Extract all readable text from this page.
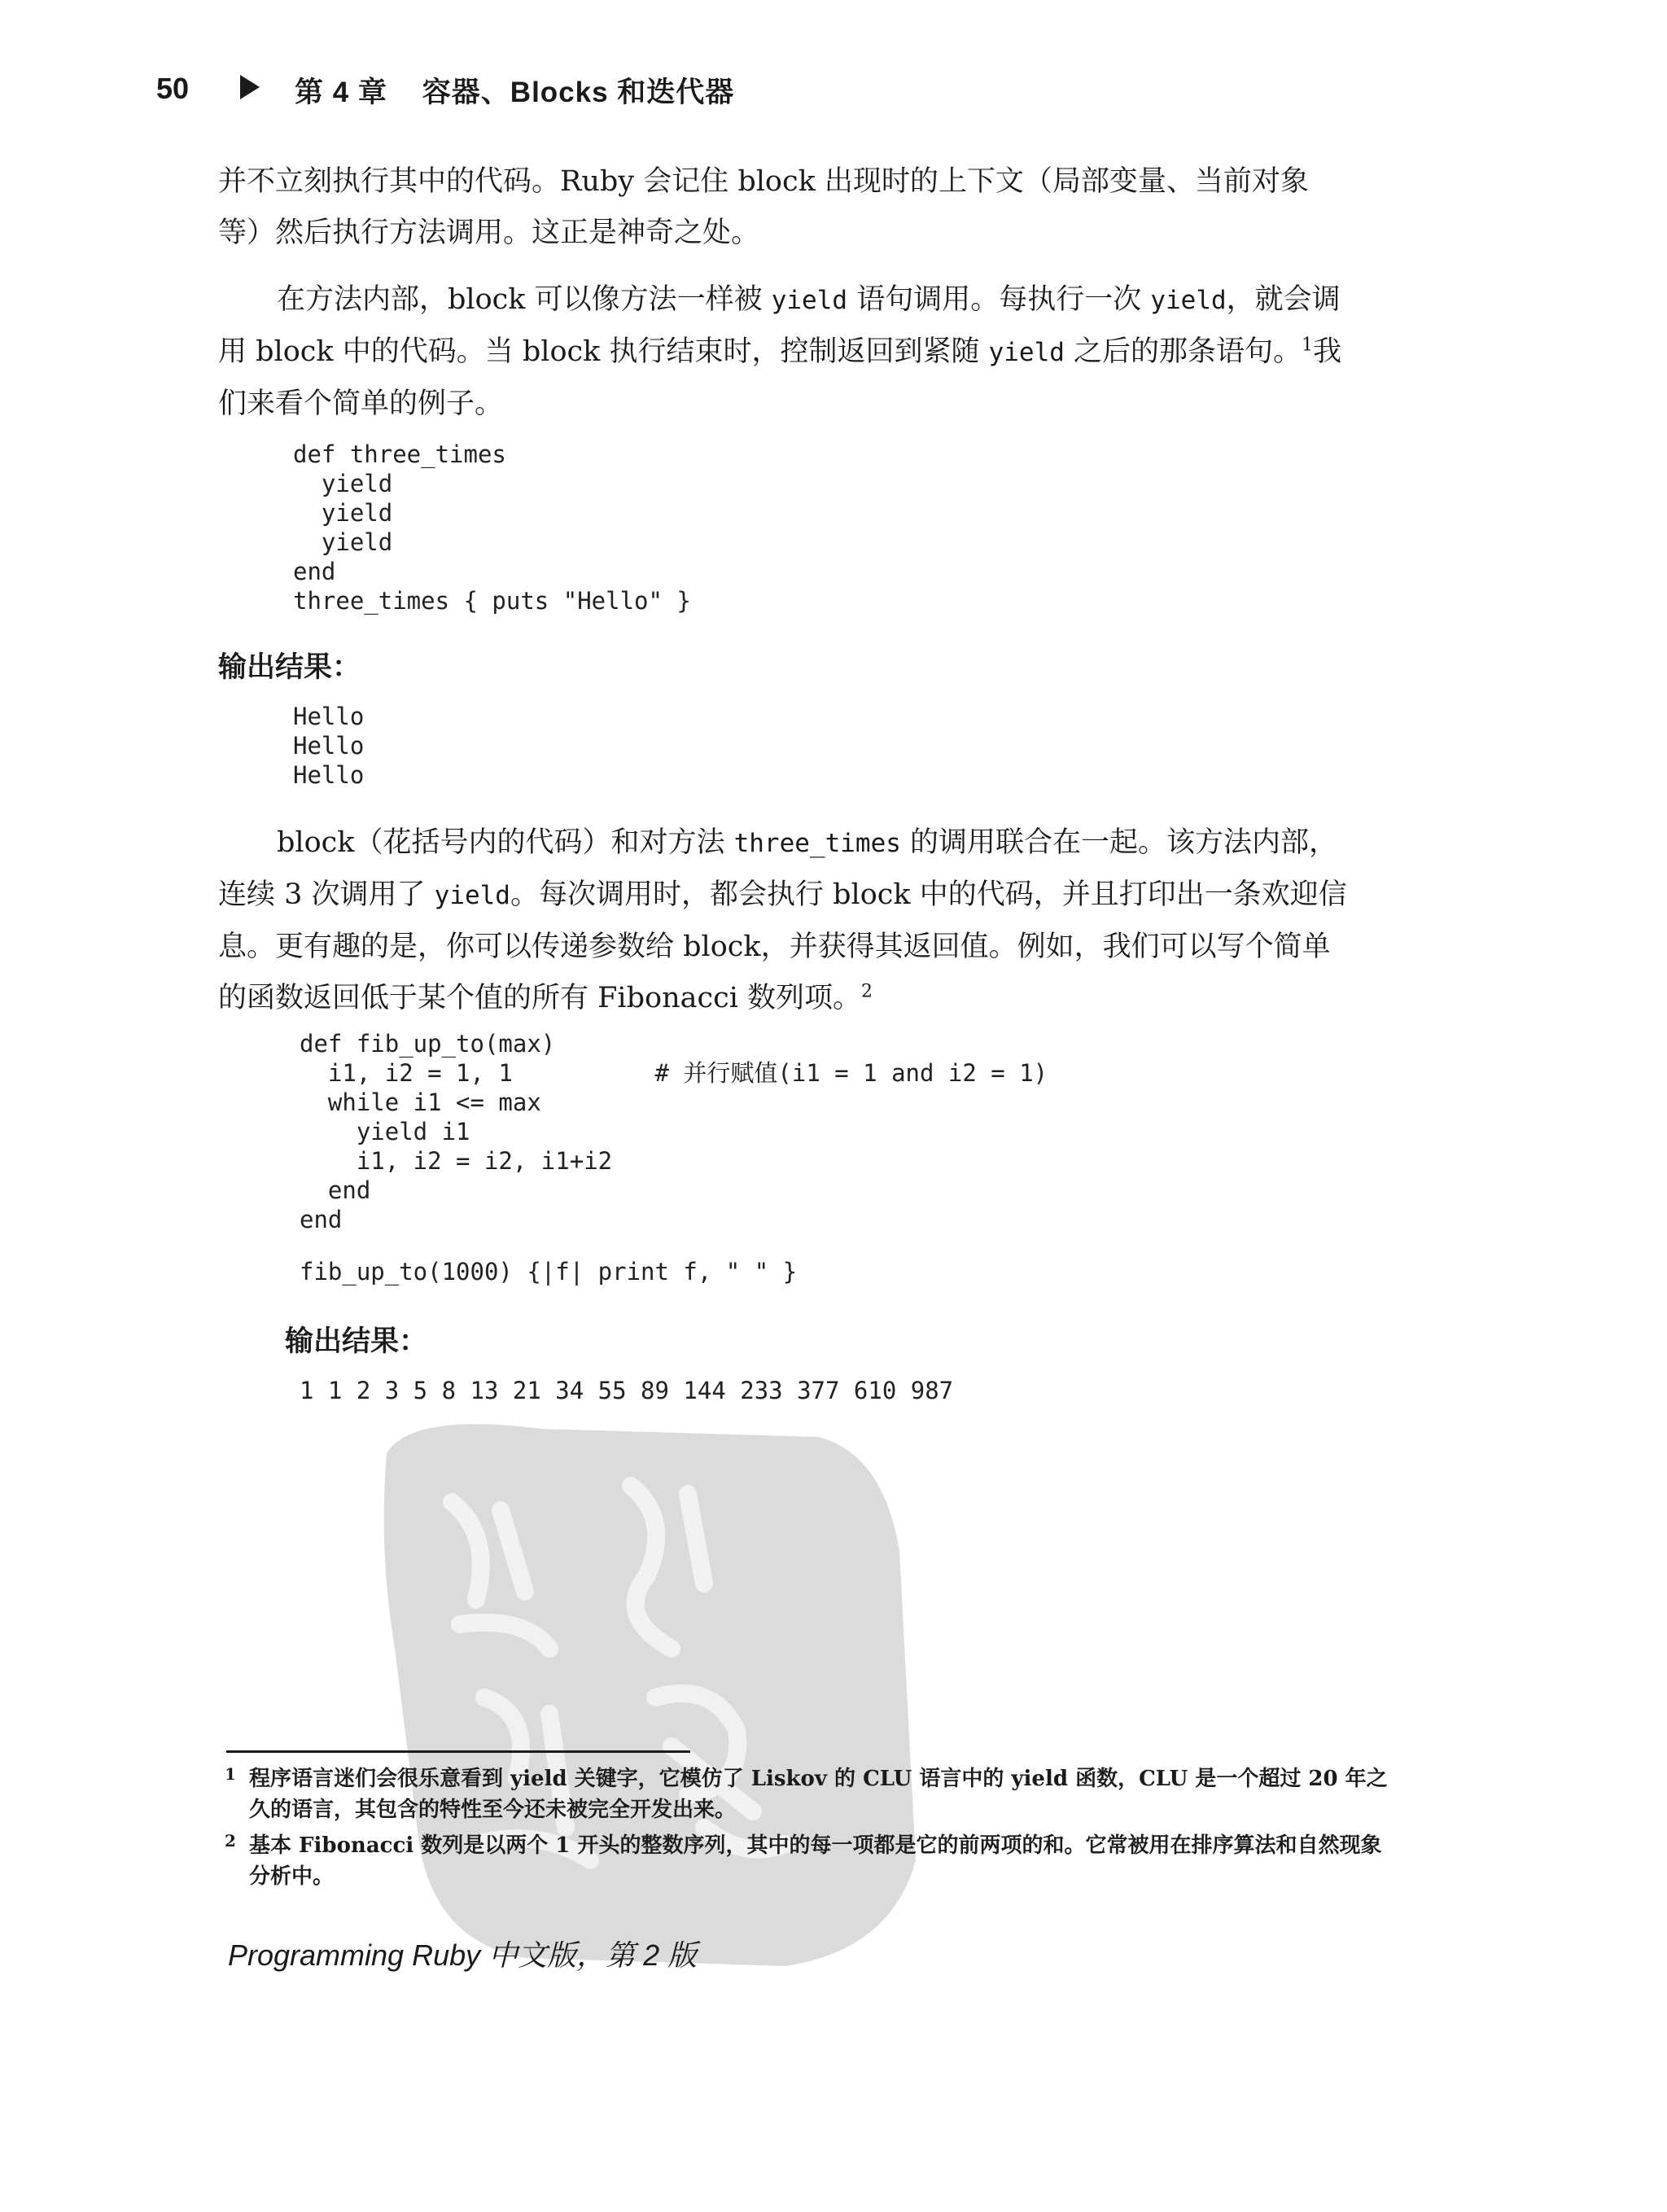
50	第 4 章    容器、Blocks 和迭代器
并不立刻执行其中的代码。Ruby 会记住 block 出现时的上下文（局部变量、当前对象
等）然后执行方法调用。这正是神奇之处。
在方法内部，block 可以像方法一样被 yield 语句调用。每执行一次 yield，就会调
用 block 中的代码。当 block 执行结束时，控制返回到紧随 yield 之后的那条语句。$^1$我
们来看个简单的例子。
def three_times
yield
yield
yield
end
three_times { puts "Hello" }
输出结果：
Hello
Hello
Hello
block（花括号内的代码）和对方法 three_times 的调用联合在一起。该方法内部，
连续 3 次调用了 yield。每次调用时，都会执行 block 中的代码，并且打印出一条欢迎信
息。更有趣的是，你可以传递参数给 block，并获得其返回值。例如，我们可以写个简单
的函数返回低于某个值的所有 Fibonacci 数列项。$^2$
def fib_up_to(max)
i1, i2 = 1, 1          # 并行赋值(i1 = 1 and i2 = 1)
while i1 <= max
yield i1
i1, i2 = i2, i1+i2
end
end
fib_up_to(1000) {|f| print f, " " }
输出结果：
1 1 2 3 5 8 13 21 34 55 89 144 233 377 610 987
1 程序语言迷们会很乐意看到 yield 关键字，它模仿了 Liskov 的 CLU 语言中的 yield 函数，CLU 是一个超过 20 年之久的语言，其包含的特性至今还未被完全开发出来。
2 基本 Fibonacci 数列是以两个 1 开头的整数序列，其中的每一项都是它的前两项的和。它常被用在排序算法和自然现象分析中。
Programming Ruby 中文版，第 2 版
